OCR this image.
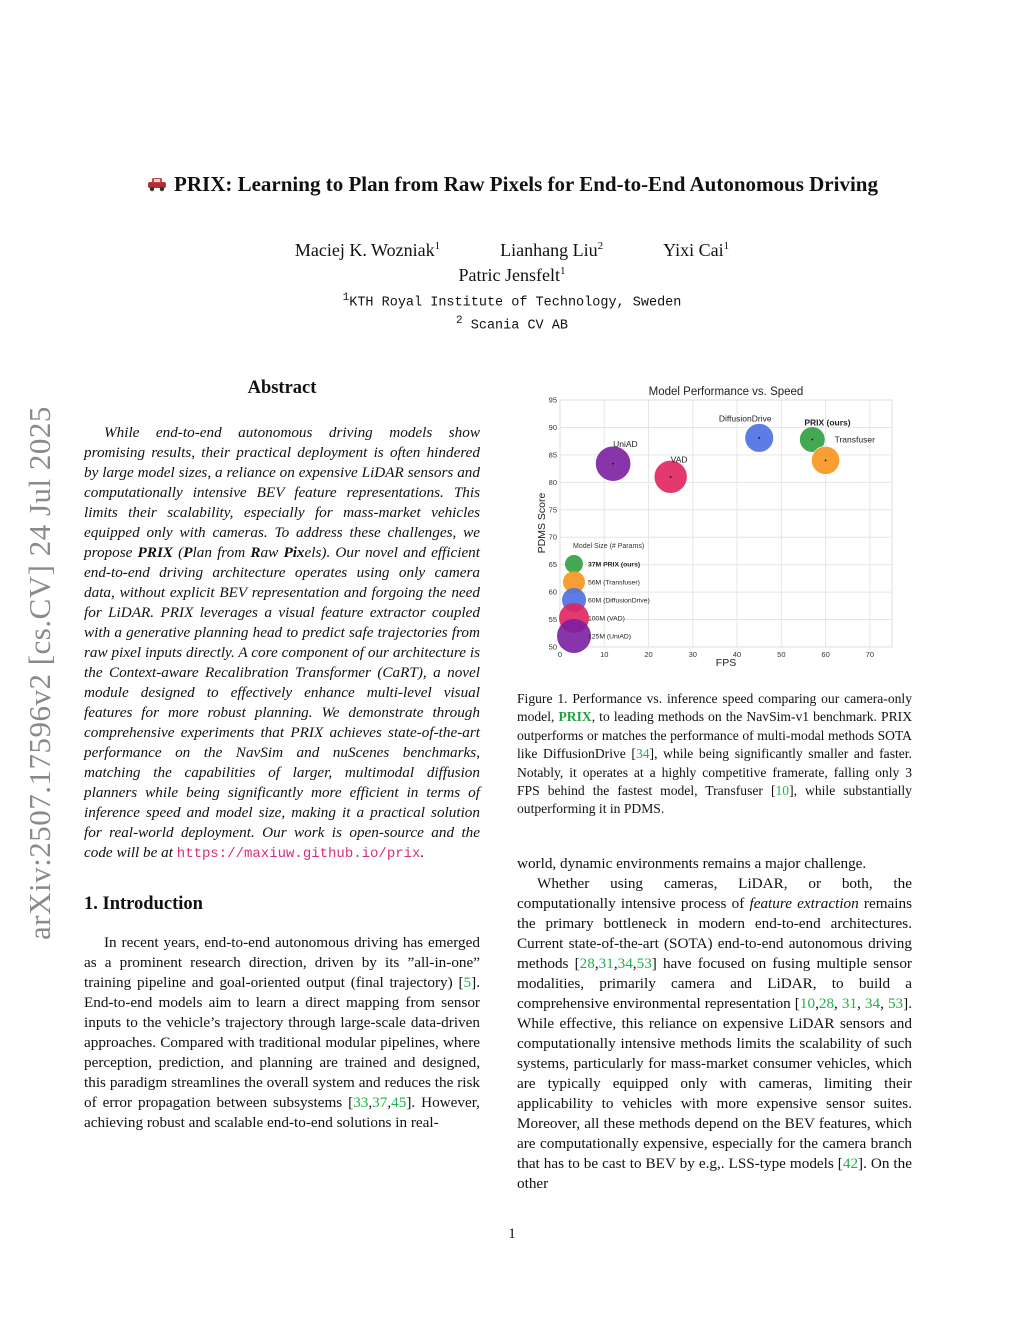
arXiv:2507.17596v2 [cs.CV] 24 Jul 2025
PRIX: Learning to Plan from Raw Pixels for End-to-End Autonomous Driving
Maciej K. Wozniak$^1$	Lianhang Liu$^2$	Yixi Cai$^1$
Patric Jensfelt$^1$
$^1$KTH Royal Institute of Technology, Sweden
$^2$ Scania CV AB
Abstract

While end-to-end autonomous driving models show promising results, their practical deployment is often hindered by large model sizes, a reliance on expensive LiDAR sensors and computationally intensive BEV feature representations. This limits their scalability, especially for mass-market vehicles equipped only with cameras. To address these challenges, we propose PRIX (Plan from Raw Pixels). Our novel and efficient end-to-end driving architecture operates using only camera data, without explicit BEV representation and forgoing the need for LiDAR. PRIX leverages a visual feature extractor coupled with a generative planning head to predict safe trajectories from raw pixel inputs directly. A core component of our architecture is the Context-aware Recalibration Transformer (CaRT), a novel module designed to effectively enhance multi-level visual features for more robust planning. We demonstrate through comprehensive experiments that PRIX achieves state-of-the-art performance on the NavSim and nuScenes benchmarks, matching the capabilities of larger, multimodal diffusion planners while being significantly more efficient in terms of inference speed and model size, making it a practical solution for real-world deployment. Our work is open-source and the code will be at https://maxiuw.github.io/prix.

1. Introduction

In recent years, end-to-end autonomous driving has emerged as a prominent research direction, driven by its ”all-in-one” training pipeline and goal-oriented output (final trajectory) [5]. End-to-end models aim to learn a direct mapping from sensor inputs to the vehicle’s trajectory through large-scale data-driven approaches. Compared with traditional modular pipelines, where perception, prediction, and planning are trained and designed, this paradigm streamlines the overall system and reduces the risk of error propagation between subsystems [33,37,45]. However, achieving robust and scalable end-to-end solutions in real-

0	10	20	30	40	50	60	70
50
55
60
65
70
75
80
85
90
95
Model Performance vs. Speed
FPS
PDMS Score	Model Size (# Params)
37M PRIX (ours)
56M (Transfuser)
60M (DiffusionDrive)
100M (VAD)
125M (UniAD)
UniAD
VAD
DiffusionDrive	PRIX (ours)
Transfuser

Figure 1. Performance vs. inference speed comparing our camera-only model, PRIX, to leading methods on the NavSim-v1 benchmark. PRIX outperforms or matches the performance of multi-modal methods SOTA like DiffusionDrive [34], while being significantly smaller and faster. Notably, it operates at a highly competitive framerate, falling only 3 FPS behind the fastest model, Transfuser [10], while substantially outperforming it in PDMS.

world, dynamic environments remains a major challenge.

Whether using cameras, LiDAR, or both, the computationally intensive process of feature extraction remains the primary bottleneck in modern end-to-end architectures. Current state-of-the-art (SOTA) end-to-end autonomous driving methods [28,31,34,53] have focused on fusing multiple sensor modalities, primarily camera and LiDAR, to build a comprehensive environmental representation [10,28, 31, 34, 53]. While effective, this reliance on expensive LiDAR sensors and computationally intensive methods limits the scalability of such systems, particularly for mass-market consumer vehicles, which are typically equipped only with cameras, limiting their applicability to vehicles with more expensive sensor suites. Moreover, all these methods depend on the BEV features, which are computationally expensive, especially for the camera branch that has to be cast to BEV by e.g,. LSS-type models [42]. On the other

1
